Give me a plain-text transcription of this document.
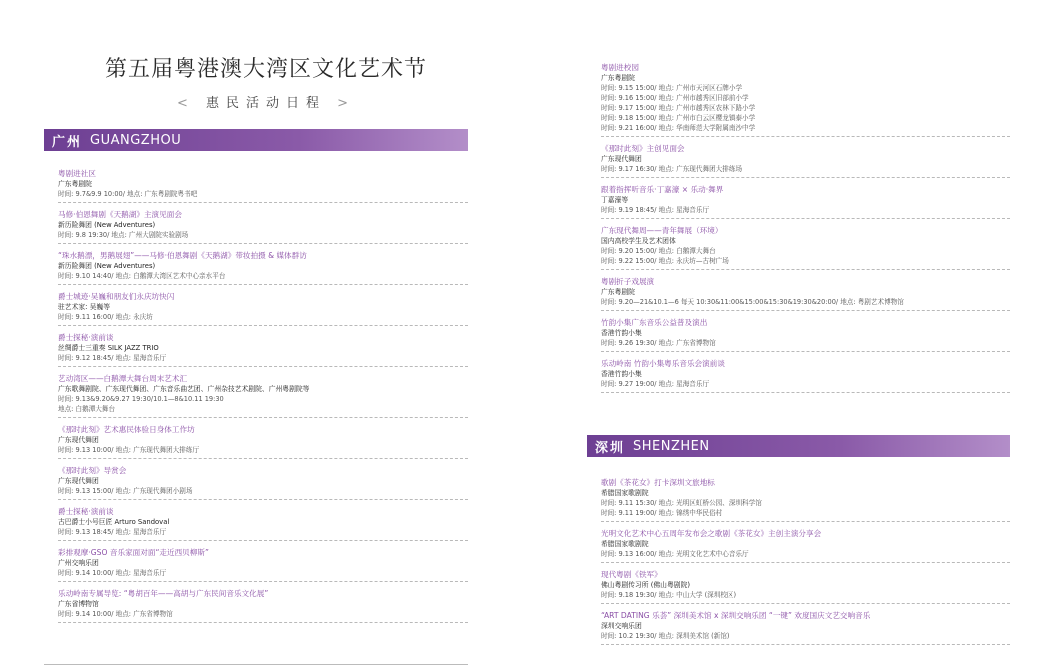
第五届粤港澳大湾区文化艺术节
< 惠民活动日程 >
广州 GUANGZHOU
粤剧进社区
广东粤剧院
时间: 9.7&9.9 10:00/ 地点: 广东粤剧院粤书吧
马修·伯恩舞剧《天鹅湖》主演见面会
新历险舞团 (New Adventures)
时间: 9.8 19:30/ 地点: 广州大剧院实验剧场
“珠水鹅漂，男鹅展翅”——马修·伯恩舞剧《天鹅湖》带妆拍摄 & 媒体群访
新历险舞团 (New Adventures)
时间: 9.10 14:40/ 地点: 白鹅潭大湾区艺术中心亲水平台
爵士城迹·吴巍和朋友们永庆坊快闪
驻艺术家: 吴巍等
时间: 9.11 16:00/ 地点: 永庆坊
爵士探秘·演前谈
丝绸爵士三重奏 SILK JAZZ TRIO
时间: 9.12 18:45/ 地点: 星海音乐厅
艺动湾区——白鹅潭大舞台周末艺术汇
广东歌舞剧院、广东现代舞团、广东音乐曲艺团、广州杂技艺术剧院、广州粤剧院等
时间: 9.13&9.20&9.27 19:30/10.1—8&10.11 19:30
地点: 白鹅潭大舞台
《那时此刻》艺术惠民体验日身体工作坊
广东现代舞团
时间: 9.13 10:00/ 地点: 广东现代舞团大排练厅
《那时此刻》导赏会
广东现代舞团
时间: 9.13 15:00/ 地点: 广东现代舞团小剧场
爵士探秘·演前谈
古巴爵士小号巨匠 Arturo Sandoval
时间: 9.13 18:45/ 地点: 星海音乐厅
彩排观摩·GSO 音乐家面对面“走近西贝柳斯”
广州交响乐团
时间: 9.14 10:00/ 地点: 星海音乐厅
乐动岭南专属导览: “粤胡百年——高胡与广东民间音乐文化展”
广东省博物馆
时间: 9.14 10:00/ 地点: 广东省博物馆
粤剧进校园
广东粤剧院
时间: 9.15 15:00/ 地点: 广州市天河区石牌小学
时间: 9.16 15:00/ 地点: 广州市越秀区旧部前小学
时间: 9.17 15:00/ 地点: 广州市越秀区农林下路小学
时间: 9.18 15:00/ 地点: 广州市白云区樱龙镇泰小学
时间: 9.21 16:00/ 地点: 华南师范大学附属南沙中学
《那时此刻》主创见面会
广东现代舞团
时间: 9.17 16:30/ 地点: 广东现代舞团大排练场
跟着指挥听音乐·丁嘉濠 × 乐动·舞界
丁嘉濠等
时间: 9.19 18:45/ 地点: 星海音乐厅
广东现代舞周——青年舞展（环境）
国内高校学生及艺术团体
时间: 9.20 15:00/ 地点: 白鹅潭大舞台
时间: 9.22 15:00/ 地点: 永庆坊—古树广场
粤剧折子戏展演
广东粤剧院
时间: 9.20—21&10.1—6 每天 10:30&11:00&15:00&15:30&19:30&20:00/ 地点: 粤剧艺术博物馆
竹韵小集广东音乐公益普及演出
香港竹韵小集
时间: 9.26 19:30/ 地点: 广东省博物馆
乐动岭南 竹韵小集粤乐音乐会演前谈
香港竹韵小集
时间: 9.27 19:00/ 地点: 星海音乐厅
深圳 SHENZHEN
歌剧《茶花女》打卡深圳文旅地标
希腊国家歌剧院
时间: 9.11 15:30/ 地点: 光明区虹桥公园、深圳科学馆
时间: 9.11 19:00/ 地点: 锦绣中华民俗村
光明文化艺术中心五周年发布会之歌剧《茶花女》主创主演分享会
希腊国家歌剧院
时间: 9.13 16:00/ 地点: 光明文化艺术中心音乐厅
现代粤剧《铁军》
佛山粤剧传习所 (佛山粤剧院)
时间: 9.18 19:30/ 地点: 中山大学 (深圳校区)
“ART DATING 乐荟” 深圳美术馆 x 深圳交响乐团 “一键” 欢度国庆文艺交响音乐
深圳交响乐团
时间: 10.2 19:30/ 地点: 深圳美术馆 (新馆)
